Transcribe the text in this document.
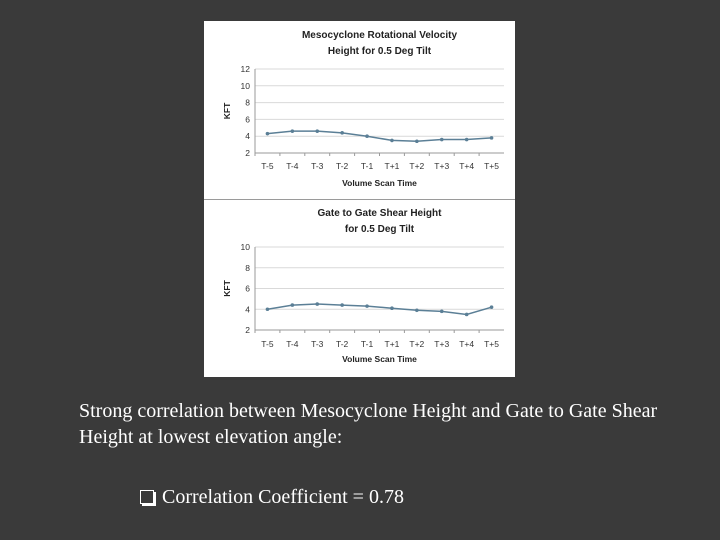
Mesocyclone Rotational Velocity
Height for 0.5 Deg Tilt
2
4
6
8
10
12
KFT
T-5 T-4 T-3 T-2 T-1 T+1 T+2 T+3 T+4 T+5
Volume Scan Time
Gate to Gate Shear Height
for 0.5 Deg Tilt
2
4
6
8
10
KFT
T-5 T-4 T-3 T-2 T-1 T+1 T+2 T+3 T+4 T+5
Volume Scan Time

Strong correlation between Mesocyclone Height and Gate to Gate Shear Height at lowest elevation angle:

Correlation Coefficient = 0.78
